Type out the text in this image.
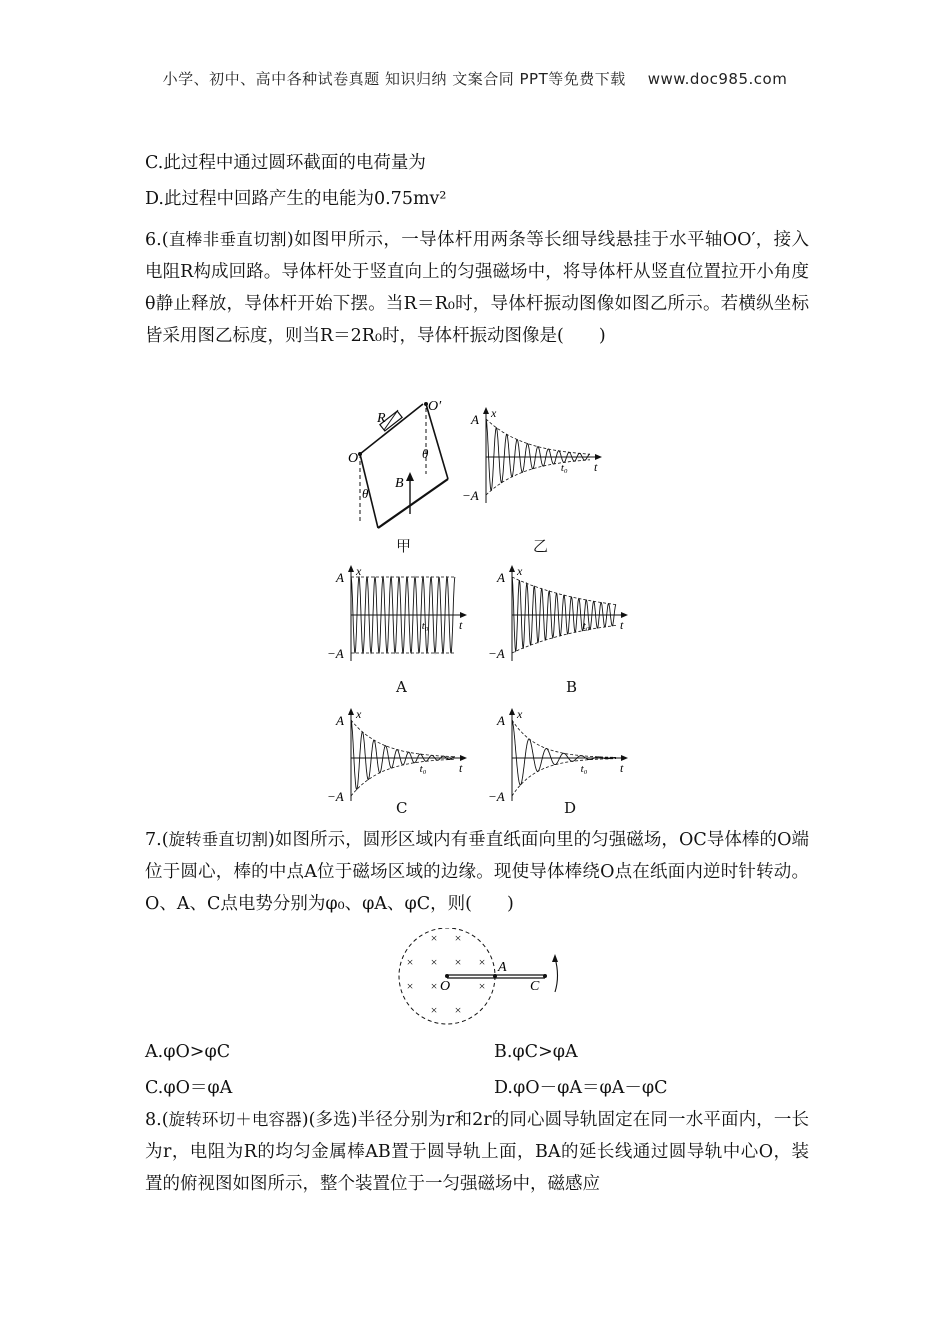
小学、初中、高中各种试卷真题 知识归纳 文案合同 PPT等免费下载 www.doc985.com
C.此过程中通过圆环截面的电荷量为
D.此过程中回路产生的电能为0.75mv²
6.(直棒非垂直切割)如图甲所示，一导体杆用两条等长细导线悬挂于水平轴OO′，接入电阻R构成回路。导体杆处于竖直向上的匀强磁场中，将导体杆从竖直位置拉开小角度θ静止释放，导体杆开始下摆。当R＝R₀时，导体杆振动图像如图乙所示。若横纵坐标皆采用图乙标度，则当R＝2R₀时，导体杆振动图像是(　　)
O
O′
R
B
θ
θ
甲
x
A
−A
t
t₀
乙
x
A
−A
t
t₀
A
x
A
−A
t
t₀
B
x
A
−A
t
t₀
C
x
A
−A
t
t₀
D
7.(旋转垂直切割)如图所示，圆形区域内有垂直纸面向里的匀强磁场，OC导体棒的O端位于圆心，棒的中点A位于磁场区域的边缘。现使导体棒绕O点在纸面内逆时针转动。O、A、C点电势分别为φ₀、φA、φC，则(　　)
× ×
× × × ×
× ×	×
× ×
O
A
C
A.φO>φC	B.φC>φA
C.φO＝φA	D.φO－φA＝φA－φC
8.(旋转环切＋电容器)(多选)半径分别为r和2r的同心圆导轨固定在同一水平面内，一长为r，电阻为R的均匀金属棒AB置于圆导轨上面，BA的延长线通过圆导轨中心O，装置的俯视图如图所示，整个装置位于一匀强磁场中，磁感应
